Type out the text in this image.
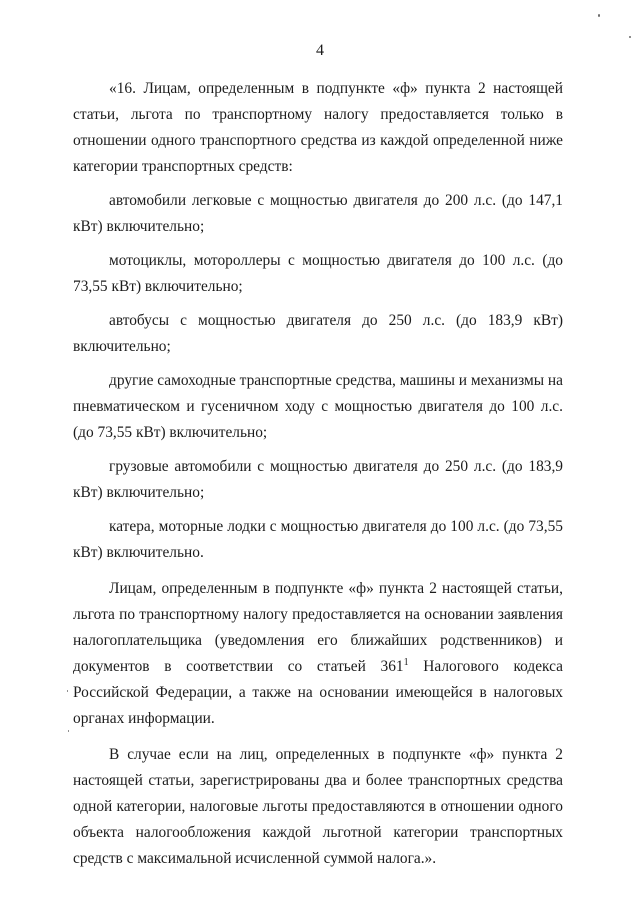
4

«16. Лицам, определенным в подпункте «ф» пункта 2 настоящей статьи, льгота по транспортному налогу предоставляется только в отношении одного транспортного средства из каждой определенной ниже категории транспортных средств:

автомобили легковые с мощностью двигателя до 200 л.с. (до 147,1 кВт) включительно;

мотоциклы, мотороллеры с мощностью двигателя до 100 л.с. (до 73,55 кВт) включительно;

автобусы с мощностью двигателя до 250 л.с. (до 183,9 кВт) включительно;

другие самоходные транспортные средства, машины и механизмы на пневматическом и гусеничном ходу с мощностью двигателя до 100 л.с. (до 73,55 кВт) включительно;

грузовые автомобили с мощностью двигателя до 250 л.с. (до 183,9 кВт) включительно;

катера, моторные лодки с мощностью двигателя до 100 л.с. (до 73,55 кВт) включительно.

Лицам, определенным в подпункте «ф» пункта 2 настоящей статьи, льгота по транспортному налогу предоставляется на основании заявления налогоплательщика (уведомления его ближайших родственников) и документов в соответствии со статьей $361^1$ Налогового кодекса Российской Федерации, а также на основании имеющейся в налоговых органах информации.

В случае если на лиц, определенных в подпункте «ф» пункта 2 настоящей статьи, зарегистрированы два и более транспортных средства одной категории, налоговые льготы предоставляются в отношении одного объекта налогообложения каждой льготной категории транспортных средств с максимальной исчисленной суммой налога.».
